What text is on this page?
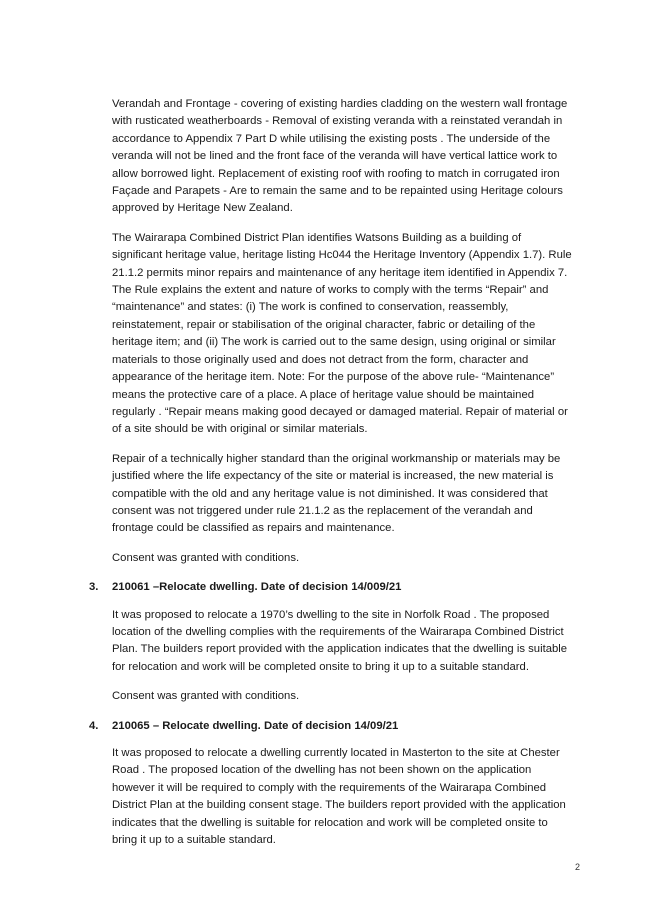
Verandah and Frontage - covering of existing hardies cladding on the western wall frontage with rusticated weatherboards - Removal of existing veranda with a reinstated verandah in accordance to Appendix 7 Part D while utilising the existing posts . The underside of the veranda will not be lined and the front face of the veranda will have vertical lattice work to allow borrowed light. Replacement of existing roof with roofing to match in corrugated iron Façade and Parapets - Are to remain the same and to be repainted using Heritage colours approved by Heritage New Zealand.

The Wairarapa Combined District Plan identifies Watsons Building as a building of significant heritage value, heritage listing Hc044 the Heritage Inventory (Appendix 1.7). Rule 21.1.2 permits minor repairs and maintenance of any heritage item identified in Appendix 7. The Rule explains the extent and nature of works to comply with the terms “Repair” and “maintenance” and states: (i) The work is confined to conservation, reassembly, reinstatement, repair or stabilisation of the original character, fabric or detailing of the heritage item; and (ii) The work is carried out to the same design, using original or similar materials to those originally used and does not detract from the form, character and appearance of the heritage item. Note: For the purpose of the above rule- “Maintenance” means the protective care of a place. A place of heritage value should be maintained regularly . “Repair means making good decayed or damaged material. Repair of material or of a site should be with original or similar materials.

Repair of a technically higher standard than the original workmanship or materials may be justified where the life expectancy of the site or material is increased, the new material is compatible with the old and any heritage value is not diminished. It was considered that consent was not triggered under rule 21.1.2 as the replacement of the verandah and frontage could be classified as repairs and maintenance.

Consent was granted with conditions.

3. 210061 –Relocate dwelling. Date of decision 14/009/21

It was proposed to relocate a 1970’s dwelling to the site in Norfolk Road . The proposed location of the dwelling complies with the requirements of the Wairarapa Combined District Plan. The builders report provided with the application indicates that the dwelling is suitable for relocation and work will be completed onsite to bring it up to a suitable standard.

Consent was granted with conditions.

4. 210065 – Relocate dwelling. Date of decision 14/09/21

It was proposed to relocate a dwelling currently located in Masterton to the site at Chester Road . The proposed location of the dwelling has not been shown on the application however it will be required to comply with the requirements of the Wairarapa Combined District Plan at the building consent stage. The builders report provided with the application indicates that the dwelling is suitable for relocation and work will be completed onsite to bring it up to a suitable standard.

2
